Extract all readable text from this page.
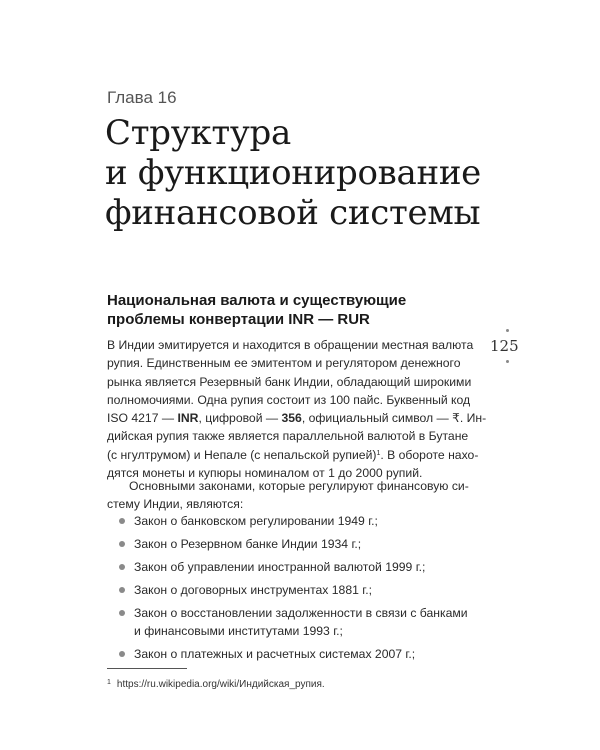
Глава 16
Структура
и функционирование
финансовой системы
Национальная валюта и существующие
проблемы конвертации INR — RUR
125
В Индии эмитируется и находится в обращении местная валюта
рупия. Единственным ее эмитентом и регулятором денежного
рынка является Резервный банк Индии, обладающий широкими
полномочиями. Одна рупия состоит из 100 пайс. Буквенный код
ISO 4217 — INR, цифровой — 356, официальный символ — ₹. Ин-
дийская рупия также является параллельной валютой в Бутане
(с нгултрумом) и Непале (с непальской рупией)$^1$. В обороте нахо-
дятся монеты и купюры номиналом от 1 до 2000 рупий.
Основными законами, которые регулируют финансовую си-
стему Индии, являются:
Закон о банковском регулировании 1949 г.;
Закон о Резервном банке Индии 1934 г.;
Закон об управлении иностранной валютой 1999 г.;
Закон о договорных инструментах 1881 г.;
Закон о восстановлении задолженности в связи с банками
и финансовыми институтами 1993 г.;
Закон о платежных и расчетных системах 2007 г.;
$^1$ https://ru.wikipedia.org/wiki/Индийская_рупия.
